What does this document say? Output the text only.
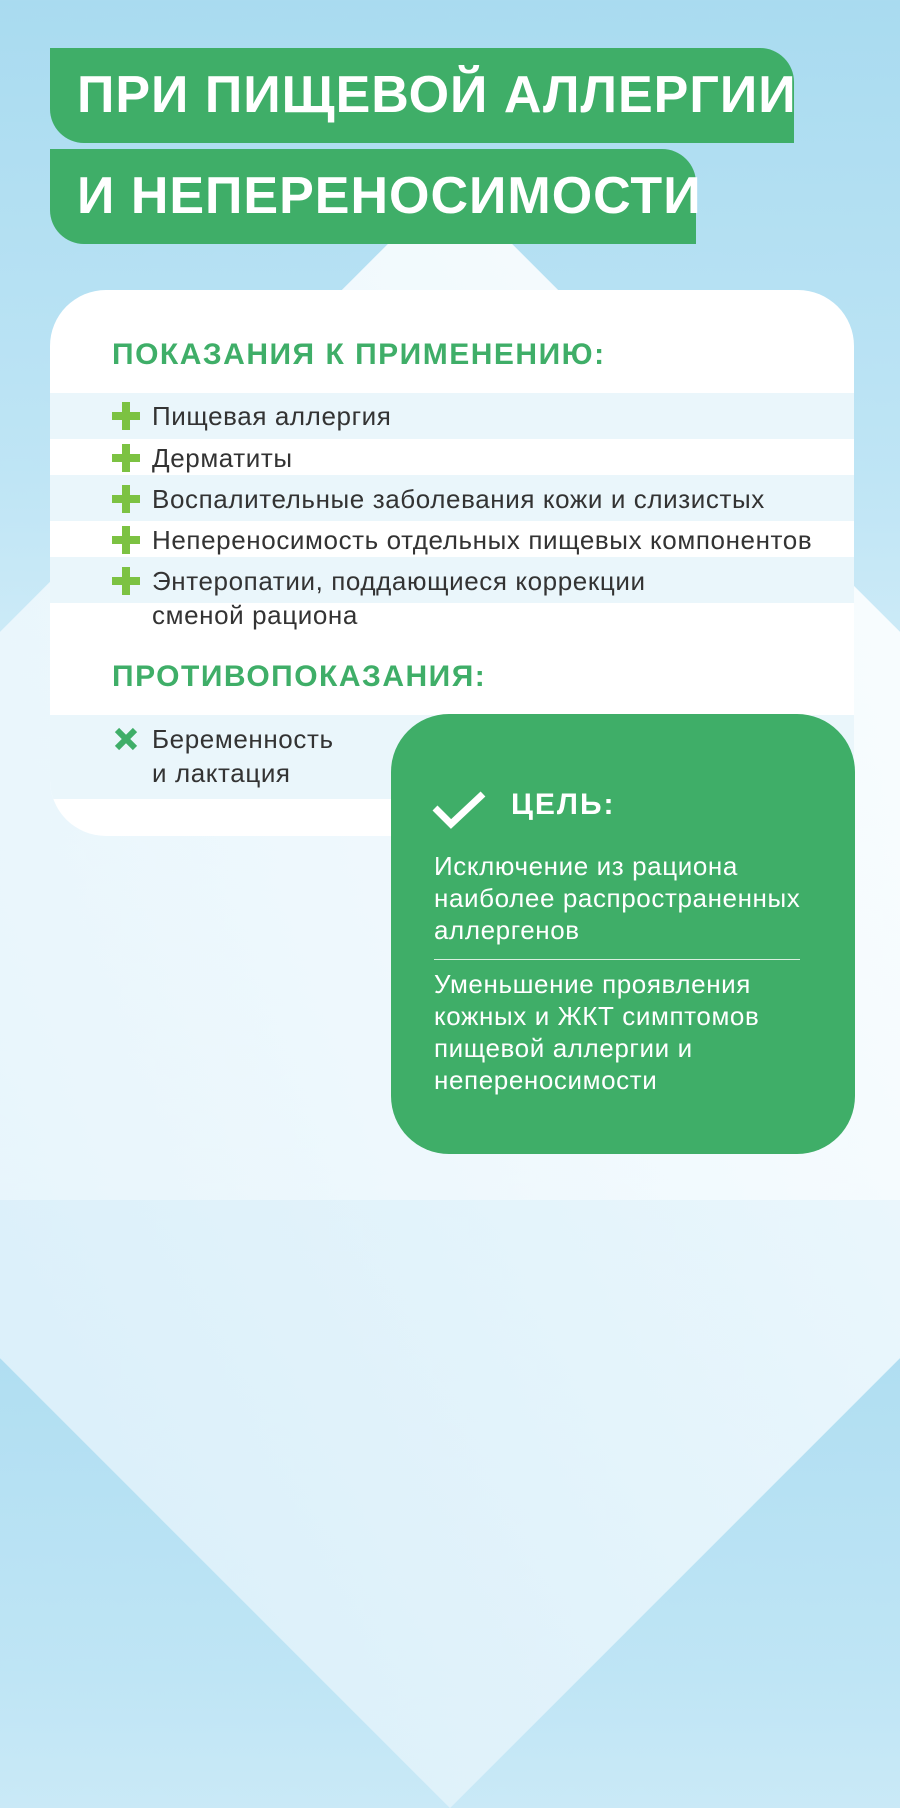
ПРИ ПИЩЕВОЙ АЛЛЕРГИИ
И НЕПЕРЕНОСИМОСТИ
ПОКАЗАНИЯ К ПРИМЕНЕНИЮ:
Пищевая аллергия
Дерматиты
Воспалительные заболевания кожи и слизистых
Непереносимость отдельных пищевых компонентов
Энтеропатии, поддающиеся коррекции
сменой рациона
ПРОТИВОПОКАЗАНИЯ:
Беременность
и лактация
ЦЕЛЬ:
Исключение из рациона
наиболее распространенных
аллергенов
Уменьшение проявления
кожных и ЖКТ симптомов
пищевой аллергии и
непереносимости
